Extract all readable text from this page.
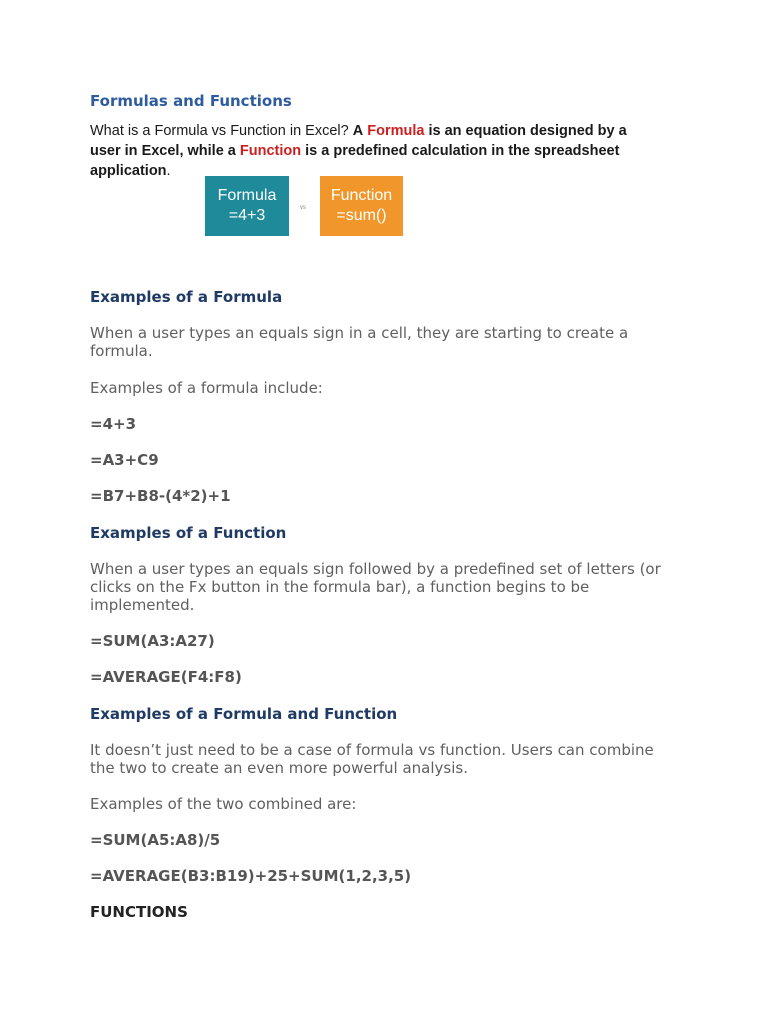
Formulas and Functions
What is a Formula vs Function in Excel? A Formula is an equation designed by a user in Excel, while a Function is a predefined calculation in the spreadsheet application.
Formula
=4+3	vs
Function
=sum()
Examples of a Formula
When a user types an equals sign in a cell, they are starting to create a formula.
Examples of a formula include:
=4+3
=A3+C9
=B7+B8-(4*2)+1
Examples of a Function
When a user types an equals sign followed by a predefined set of letters (or clicks on the Fx button in the formula bar), a function begins to be implemented.
=SUM(A3:A27)
=AVERAGE(F4:F8)
Examples of a Formula and Function
It doesn’t just need to be a case of formula vs function. Users can combine the two to create an even more powerful analysis.
Examples of the two combined are:
=SUM(A5:A8)/5
=AVERAGE(B3:B19)+25+SUM(1,2,3,5)
FUNCTIONS
